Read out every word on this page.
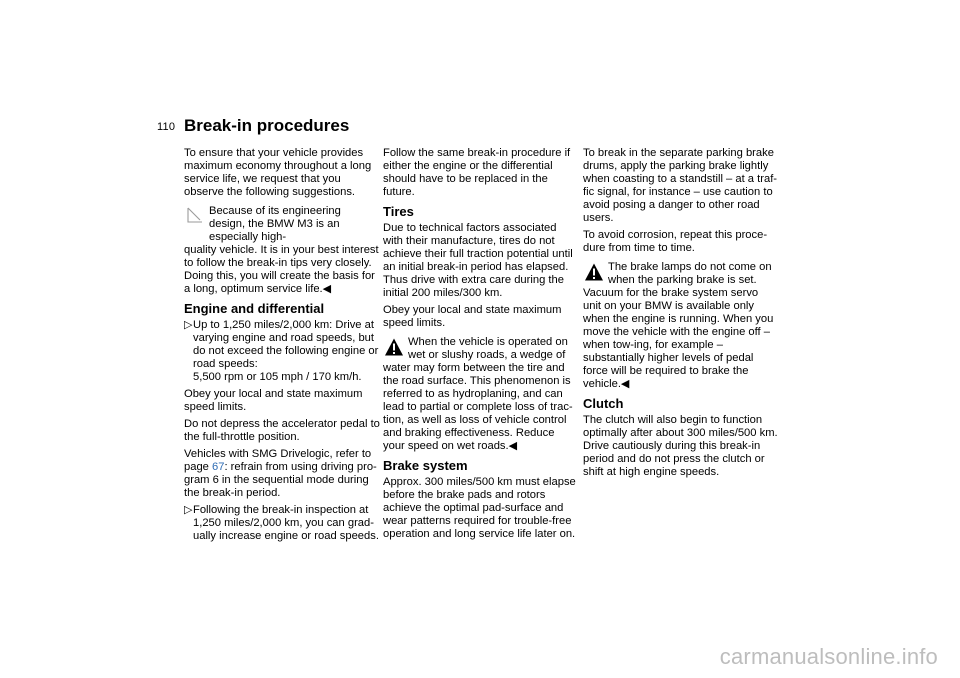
110 Break-in procedures

To ensure that your vehicle provides maximum economy throughout a long service life, we request that you observe the following suggestions.

Because of its engineering design, the BMW M3 is an especially high-
quality vehicle. It is in your best interest to follow the break-in tips very closely. Doing this, you will create the basis for a long, optimum service life.◀
Engine and differential
▷ Up to 1,250 miles/2,000 km: Drive at varying engine and road speeds, but do not exceed the following engine or road speeds:
5,500 rpm or 105 mph / 170 km/h.

Obey your local and state maximum speed limits.

Do not depress the accelerator pedal to the full-throttle position.

Vehicles with SMG Drivelogic, refer to page 67: refrain from using driving pro-gram 6 in the sequential mode during the break-in period.

▷ Following the break-in inspection at 1,250 miles/2,000 km, you can grad-ually increase engine or road speeds.

Follow the same break-in procedure if either the engine or the differential should have to be replaced in the future.

Tires

Due to technical factors associated with their manufacture, tires do not achieve their full traction potential until an initial break-in period has elapsed. Thus drive with extra care during the initial 200 miles/300 km.

Obey your local and state maximum speed limits.

When the vehicle is operated on wet or slushy roads, a wedge of
water may form between the tire and the road surface. This phenomenon is referred to as hydroplaning, and can lead to partial or complete loss of trac-tion, as well as loss of vehicle control and braking effectiveness. Reduce your speed on wet roads.◀
Brake system

Approx. 300 miles/500 km must elapse before the brake pads and rotors achieve the optimal pad-surface and wear patterns required for trouble-free operation and long service life later on.

To break in the separate parking brake drums, apply the parking brake lightly when coasting to a standstill – at a traf-fic signal, for instance – use caution to avoid posing a danger to other road users.

To avoid corrosion, repeat this proce-dure from time to time.

The brake lamps do not come on when the parking brake is set.
Vacuum for the brake system servo unit on your BMW is available only when the engine is running. When you move the vehicle with the engine off – when tow-ing, for example – substantially higher levels of pedal force will be required to brake the vehicle.◀
Clutch

The clutch will also begin to function optimally after about 300 miles/500 km. Drive cautiously during this break-in period and do not press the clutch or shift at high engine speeds.

carmanualsonline.info
